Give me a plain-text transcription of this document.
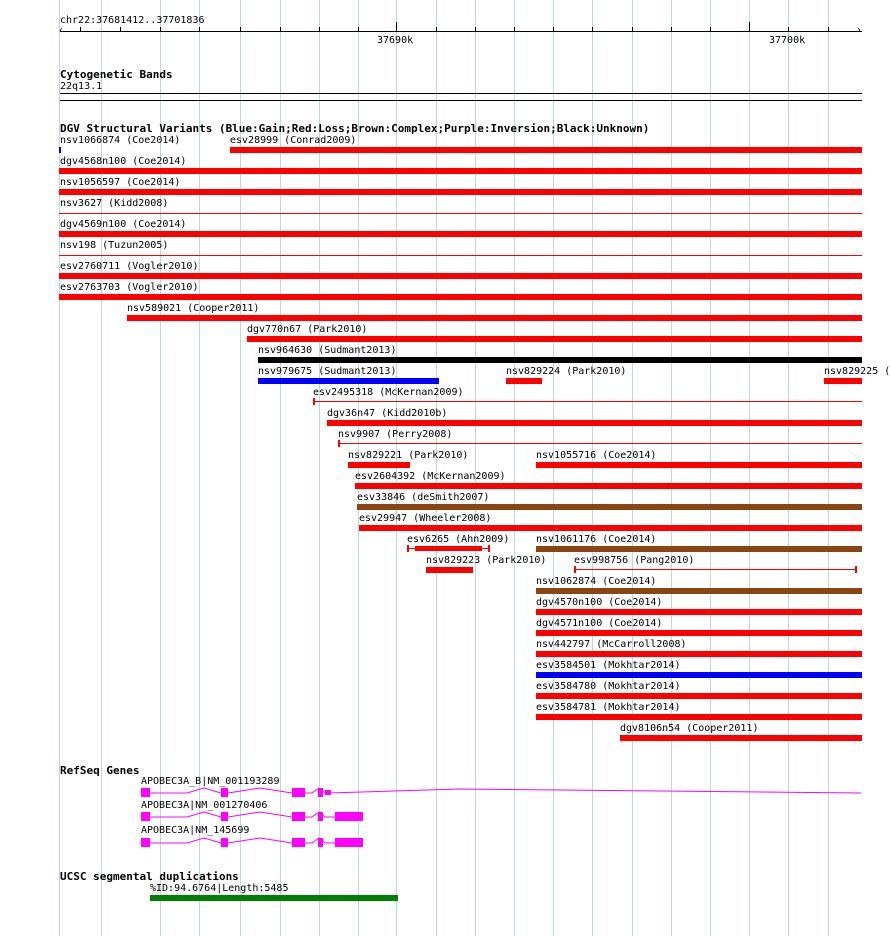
chr22:37681412..37701836
‹	›
37690k	37700k
Cytogenetic Bands
22q13.1
DGV Structural Variants (Blue:Gain;Red:Loss;Brown:Complex;Purple:Inversion;Black:Unknown)
nsv1066874 (Coe2014)	esv28999 (Conrad2009)
dgv4568n100 (Coe2014)
nsv1056597 (Coe2014)
nsv3627 (Kidd2008)
dgv4569n100 (Coe2014)
nsv198 (Tuzun2005)
esv2760711 (Vogler2010)
esv2763703 (Vogler2010)
nsv589021 (Cooper2011)
dgv770n67 (Park2010)
nsv964630 (Sudmant2013)
nsv979675 (Sudmant2013)	nsv829224 (Park2010)	nsv829225 (
esv2495318 (McKernan2009)
dgv36n47 (Kidd2010b)
nsv9907 (Perry2008)
nsv829221 (Park2010)	nsv1055716 (Coe2014)
esv2604392 (McKernan2009)
esv33846 (deSmith2007)
esv29947 (Wheeler2008)
esv6265 (Ahn2009)	nsv1061176 (Coe2014)
nsv829223 (Park2010)	esv998756 (Pang2010)
nsv1062874 (Coe2014)
dgv4570n100 (Coe2014)
dgv4571n100 (Coe2014)
nsv442797 (McCarroll2008)
esv3584501 (Mokhtar2014)
esv3584780 (Mokhtar2014)
esv3584781 (Mokhtar2014)
dgv8106n54 (Cooper2011)
RefSeq Genes
APOBEC3A_B|NM_001193289
APOBEC3A|NM_001270406
APOBEC3A|NM_145699
UCSC segmental duplications
%ID:94.6764|Length:5485
